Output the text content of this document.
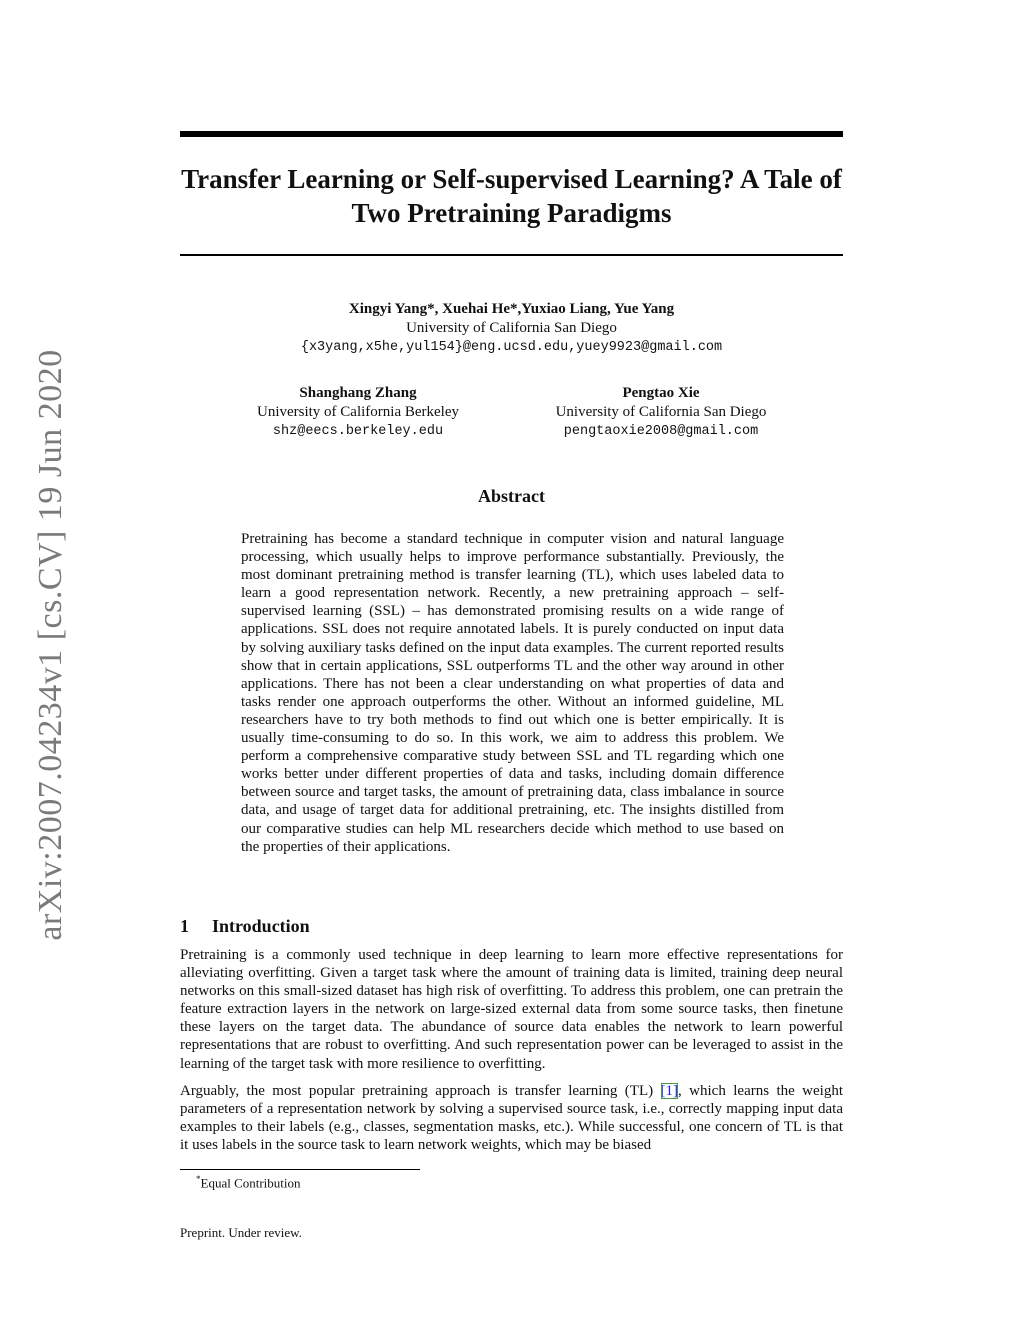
arXiv:2007.04234v1 [cs.CV] 19 Jun 2020
Transfer Learning or Self-supervised Learning? A Tale of Two Pretraining Paradigms
Xingyi Yang*, Xuehai He*,Yuxiao Liang, Yue Yang
University of California San Diego
{x3yang,x5he,yul154}@eng.ucsd.edu,yuey9923@gmail.com
Shanghang Zhang
University of California Berkeley
shz@eecs.berkeley.edu
Pengtao Xie
University of California San Diego
pengtaoxie2008@gmail.com
Abstract

Pretraining has become a standard technique in computer vision and natural language processing, which usually helps to improve performance substantially. Previously, the most dominant pretraining method is transfer learning (TL), which uses labeled data to learn a good representation network. Recently, a new pretraining approach – self-supervised learning (SSL) – has demonstrated promising results on a wide range of applications. SSL does not require annotated labels. It is purely conducted on input data by solving auxiliary tasks defined on the input data examples. The current reported results show that in certain applications, SSL outperforms TL and the other way around in other applications. There has not been a clear understanding on what properties of data and tasks render one approach outperforms the other. Without an informed guideline, ML researchers have to try both methods to find out which one is better empirically. It is usually time-consuming to do so. In this work, we aim to address this problem. We perform a comprehensive comparative study between SSL and TL regarding which one works better under different properties of data and tasks, including domain difference between source and target tasks, the amount of pretraining data, class imbalance in source data, and usage of target data for additional pretraining, etc. The insights distilled from our comparative studies can help ML researchers decide which method to use based on the properties of their applications.

1 Introduction

Pretraining is a commonly used technique in deep learning to learn more effective representations for alleviating overfitting. Given a target task where the amount of training data is limited, training deep neural networks on this small-sized dataset has high risk of overfitting. To address this problem, one can pretrain the feature extraction layers in the network on large-sized external data from some source tasks, then finetune these layers on the target data. The abundance of source data enables the network to learn powerful representations that are robust to overfitting. And such representation power can be leveraged to assist in the learning of the target task with more resilience to overfitting.

Arguably, the most popular pretraining approach is transfer learning (TL) [1], which learns the weight parameters of a representation network by solving a supervised source task, i.e., correctly mapping input data examples to their labels (e.g., classes, segmentation masks, etc.). While successful, one concern of TL is that it uses labels in the source task to learn network weights, which may be biased

*Equal Contribution

Preprint. Under review.
